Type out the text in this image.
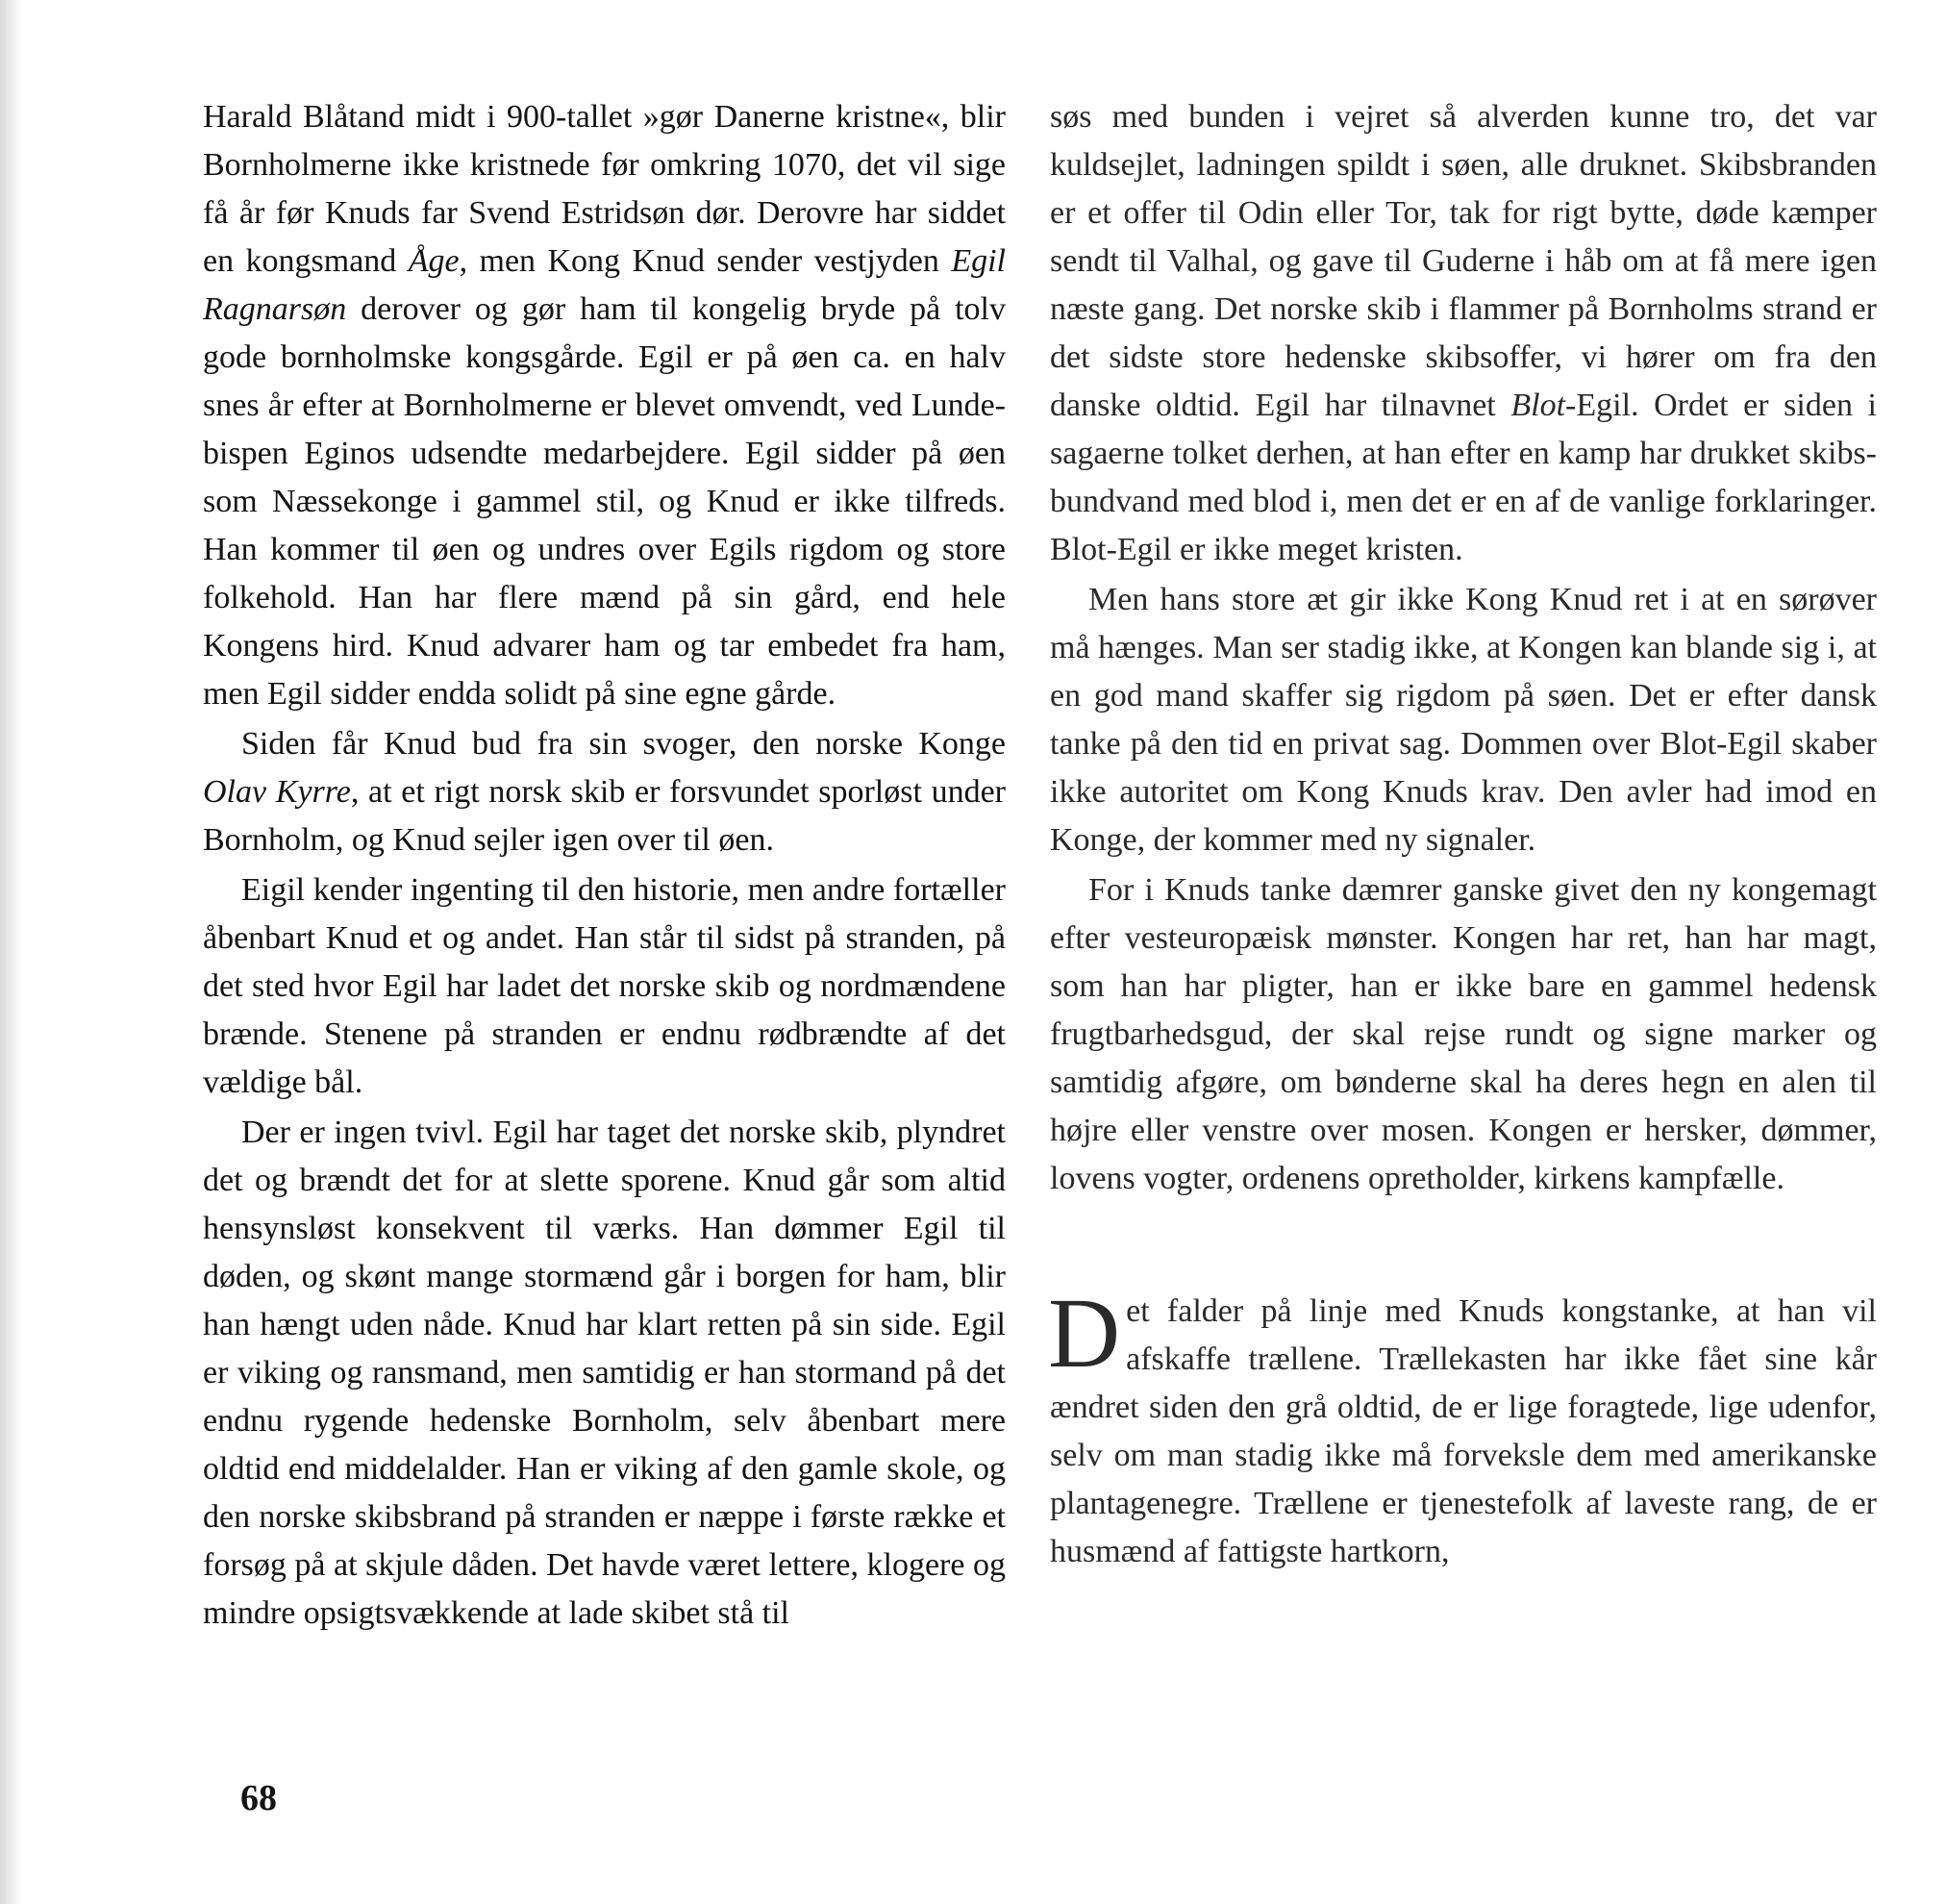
Harald Blåtand midt i 900-tallet »gør Danerne kristne«, blir Bornholmerne ikke kristnede før omkring 1070, det vil sige få år før Knuds far Svend Estridsøn dør. Derovre har siddet en kongsmand Åge, men Kong Knud sender vestjyden Egil Ragnarsøn derover og gør ham til kongelig bryde på tolv gode bornholmske kongsgårde. Egil er på øen ca. en halv snes år efter at Bornholmerne er blevet omvendt, ved Lunde-bispen Eginos udsendte medarbejdere. Egil sidder på øen som Næssekonge i gammel stil, og Knud er ikke tilfreds. Han kommer til øen og undres over Egils rigdom og store folkehold. Han har flere mænd på sin gård, end hele Kongens hird. Knud advarer ham og tar embedet fra ham, men Egil sidder endda solidt på sine egne gårde.

Siden får Knud bud fra sin svoger, den norske Konge Olav Kyrre, at et rigt norsk skib er forsvundet sporløst under Bornholm, og Knud sejler igen over til øen.

Eigil kender ingenting til den historie, men andre fortæller åbenbart Knud et og andet. Han står til sidst på stranden, på det sted hvor Egil har ladet det norske skib og nordmændene brænde. Stenene på stranden er endnu rødbrændte af det vældige bål.

Der er ingen tvivl. Egil har taget det norske skib, plyndret det og brændt det for at slette sporene. Knud går som altid hensynsløst konsekvent til værks. Han dømmer Egil til døden, og skønt mange stormænd går i borgen for ham, blir han hængt uden nåde. Knud har klart retten på sin side. Egil er viking og ransmand, men samtidig er han stormand på det endnu rygende hedenske Bornholm, selv åbenbart mere oldtid end middelalder. Han er viking af den gamle skole, og den norske skibsbrand på stranden er næppe i første række et forsøg på at skjule dåden. Det havde været lettere, klogere og mindre opsigtsvækkende at lade skibet stå til

søs med bunden i vejret så alverden kunne tro, det var kuldsejlet, ladningen spildt i søen, alle druknet. Skibsbranden er et offer til Odin eller Tor, tak for rigt bytte, døde kæmper sendt til Valhal, og gave til Guderne i håb om at få mere igen næste gang. Det norske skib i flammer på Bornholms strand er det sidste store hedenske skibsoffer, vi hører om fra den danske oldtid. Egil har tilnavnet Blot-Egil. Ordet er siden i sagaerne tolket derhen, at han efter en kamp har drukket skibs-bundvand med blod i, men det er en af de vanlige forklaringer. Blot-Egil er ikke meget kristen.

Men hans store æt gir ikke Kong Knud ret i at en sørøver må hænges. Man ser stadig ikke, at Kongen kan blande sig i, at en god mand skaffer sig rigdom på søen. Det er efter dansk tanke på den tid en privat sag. Dommen over Blot-Egil skaber ikke autoritet om Kong Knuds krav. Den avler had imod en Konge, der kommer med ny signaler.

For i Knuds tanke dæmrer ganske givet den ny kongemagt efter vesteuropæisk mønster. Kongen har ret, han har magt, som han har pligter, han er ikke bare en gammel hedensk frugtbarhedsgud, der skal rejse rundt og signe marker og samtidig afgøre, om bønderne skal ha deres hegn en alen til højre eller venstre over mosen. Kongen er hersker, dømmer, lovens vogter, ordenens opretholder, kirkens kampfælle.

Det falder på linje med Knuds kongstanke, at han vil afskaffe trællene. Trællekasten har ikke fået sine kår ændret siden den grå oldtid, de er lige foragtede, lige udenfor, selv om man stadig ikke må forveksle dem med amerikanske plantagenegre. Trællene er tjenestefolk af laveste rang, de er husmænd af fattigste hartkorn,

68
